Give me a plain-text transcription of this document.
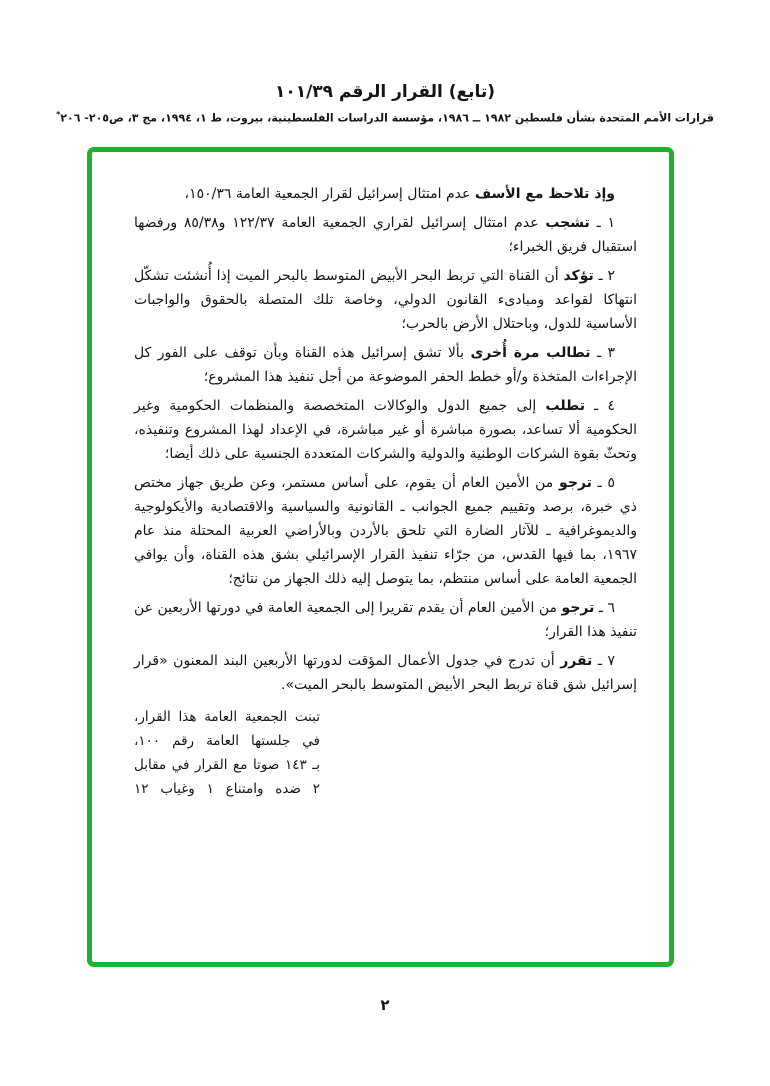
(تابع) القرار الرقم ١٠١/٣٩
قرارات الأمم المتحدة بشأن فلسطين ١٩٨٢ ــ ١٩٨٦، مؤسسة الدراسات الفلسطينية، بيروت، ط ١، ١٩٩٤، مج ٣، ص٢٠٥- ٢٠٦*

وإذ تلاحظ مع الأسف عدم امتثال إسرائيل لقرار الجمعية العامة ١٥٠/٣٦،

١ ـ تشجب عدم امتثال إسرائيل لقراري الجمعية العامة ١٢٢/٣٧ و٨٥/٣٨ ورفضها استقبال فريق الخبراء؛

٢ ـ تؤكد أن القناة التي تربط البحر الأبيض المتوسط بالبحر الميت إذا أُنشئت تشكّل انتهاكا لقواعد ومبادىء القانون الدولي، وخاصة تلك المتصلة بالحقوق والواجبات الأساسية للدول، وباحتلال الأرض بالحرب؛

٣ ـ تطالب مرة أُخرى بألا تشق إسرائيل هذه القناة وبأن توقف على الفور كل الإجراءات المتخذة و/أو خطط الحفر الموضوعة من أجل تنفيذ هذا المشروع؛

٤ ـ تطلب إلى جميع الدول والوكالات المتخصصة والمنظمات الحكومية وغير الحكومية ألا تساعد، بصورة مباشرة أو غير مباشرة، في الإعداد لهذا المشروع وتنفيذه، وتحثّ بقوة الشركات الوطنية والدولية والشركات المتعددة الجنسية على ذلك أيضا؛

٥ ـ ترجو من الأمين العام أن يقوم، على أساس مستمر، وعن طريق جهاز مختص ذي خبرة، برصد وتقييم جميع الجوانب ـ القانونية والسياسية والاقتصادية والأيكولوجية والديموغرافية ـ للآثار الضارة التي تلحق بالأردن وبالأراضي العربية المحتلة منذ عام ١٩٦٧، بما فيها القدس، من جرّاء تنفيذ القرار الإسرائيلي بشق هذه القناة، وأن يوافي الجمعية العامة على أساس منتظم، بما يتوصل إليه ذلك الجهاز من نتائج؛

٦ ـ ترجو من الأمين العام أن يقدم تقريرا إلى الجمعية العامة في دورتها الأربعين عن تنفيذ هذا القرار؛

٧ ـ تقرر أن تدرج في جدول الأعمال المؤقت لدورتها الأربعين البند المعنون «قرار إسرائيل شق قناة تربط البحر الأبيض المتوسط بالبحر الميت».

تبنت الجمعية العامة هذا القرار،
في جلستها العامة رقم ١٠٠،
بـ ١٤٣ صوتا مع القرار في مقابل
٢ ضده وامتناع ١ وغياب ١٢
٢
